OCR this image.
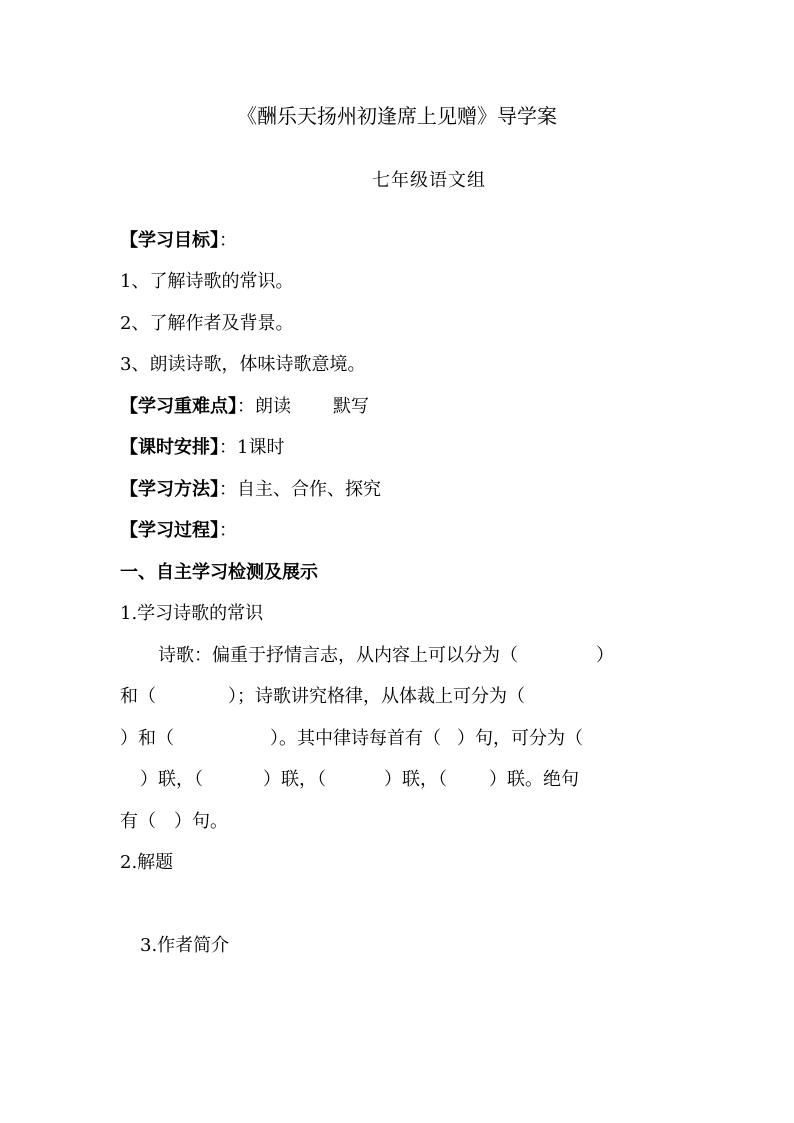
《酬乐天扬州初逢席上见赠》导学案
七年级语文组
【学习目标】：
1、了解诗歌的常识。
2、了解作者及背景。
3、朗读诗歌，体味诗歌意境。
【学习重难点】：朗读 默写
【课时安排】：1课时
【学习方法】：自主、合作、探究
【学习过程】：
一、自主学习检测及展示
1.学习诗歌的常识
诗歌：偏重于抒情言志，从内容上可以分为（	）
和（	）；诗歌讲究格律，从体裁上可分为（
）和（	）。其中律诗每首有（ ）句，可分为（
）联，（	）联，（	）联，（ ）联。绝句
有（ ）句。
2.解题
3.作者简介
